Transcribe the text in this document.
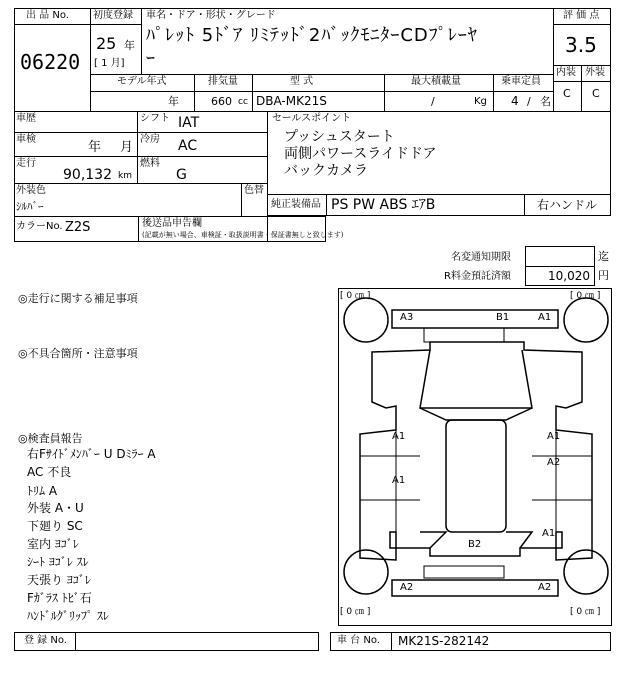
出 品 No.
06220
初度登録
25 年
[ 1 月]
車名・ドア・形状・グレード
ﾊﾟﾚｯﾄ 5ﾄﾞｱ ﾘﾐﾃｯﾄﾞ2ﾊﾞｯｸﾓﾆﾀｰCDﾌﾟﾚｰﾔ
ｰ
評 価 点
3.5
内装 外装
C C
モデル年式	排気量	型 式	最大積載量	乗車定員
年	660 cc DBA-MK21S	/	Kg 4 / 名
車歴	シフト IAT
車検
年 月
冷房 AC
走行
90,132 km
燃料
G
外装色
ｼﾙﾊﾞｰ
色替
カラーNo. Z2S	後送品申告欄
(記載が無い場合、車検証・取扱説明書・保証書無しと致します)
セールスポイント
プッシュスタート
両側パワースライドドア
バックカメラ
純正装備品 PS PW ABS ｴｱB	右ハンドル
名変通知期限	迄
R料金預託済額	10,020 円
◎走行に関する補足事項
◎不具合箇所・注意事項
◎検査員報告
右Fｻｲﾄﾞﾒﾝﾊﾞｰ U Dﾐﾗｰ A
AC 不良
ﾄﾘﾑ A
外装 A・U
下廻り SC
室内 ﾖｺﾞﾚ
ｼｰﾄ ﾖｺﾞﾚ ｽﾚ
天張り ﾖｺﾞﾚ
Fｶﾞﾗｽ ﾄﾋﾞ石
ﾊﾝﾄﾞﾙｸﾞﾘｯﾌﾟ ｽﾚ
[ 0 ㎝ ]	[ 0 ㎝ ]
[ 0 ㎝ ]	[ 0 ㎝ ]
A3	B1	A1
A1	A1
A2
A1
A1
B2
A2	A2
登 録 No.	車 台 No. MK21S-282142
